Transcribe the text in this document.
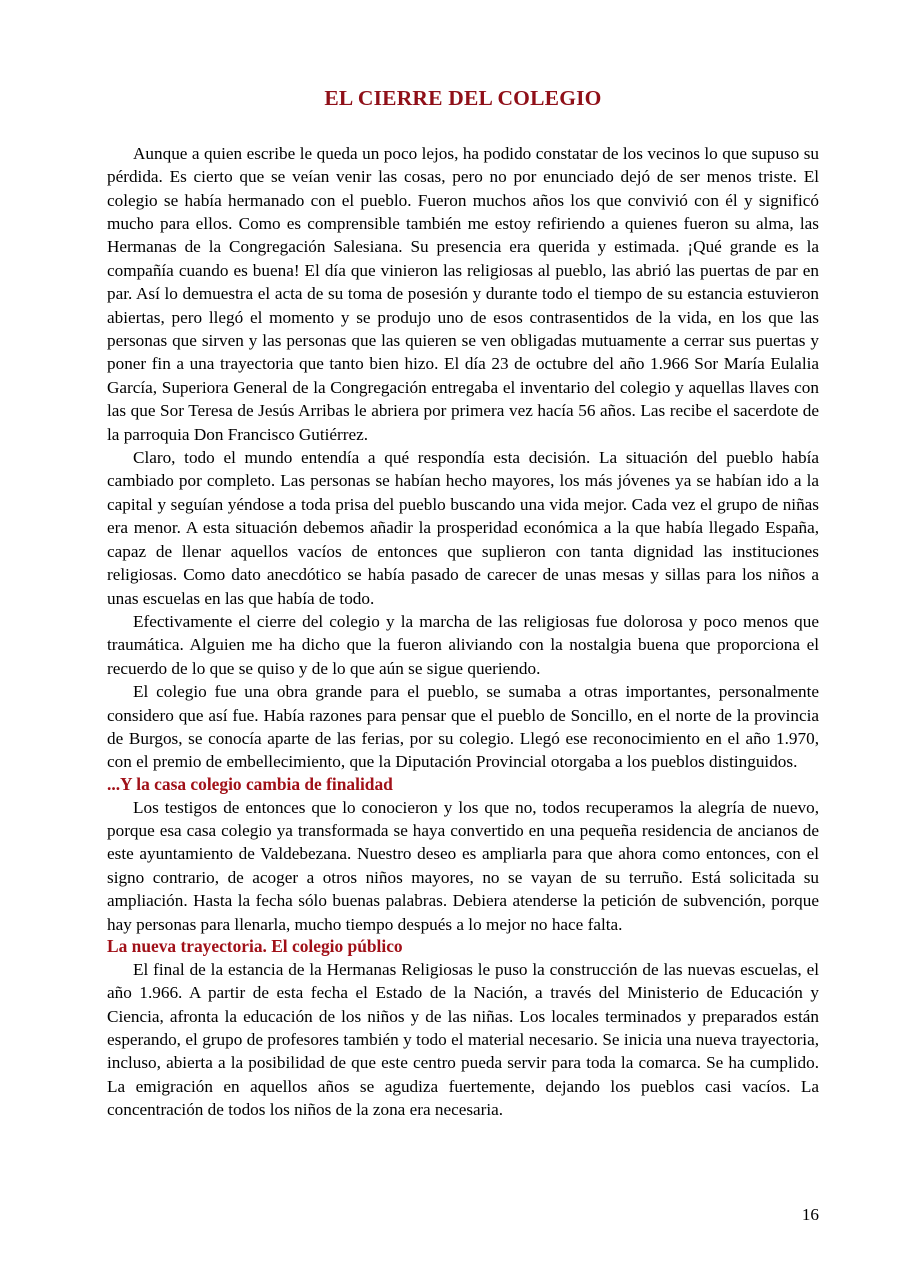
EL CIERRE DEL COLEGIO

Aunque a quien escribe le queda un poco lejos, ha podido constatar de los vecinos lo que supuso su pérdida. Es cierto que se veían venir las cosas, pero no por enunciado dejó de ser menos triste. El colegio se había hermanado con el pueblo. Fueron muchos años los que convivió con él y significó mucho para ellos. Como es comprensible también me estoy refiriendo a quienes fueron su alma, las Hermanas de la Congregación Salesiana. Su presencia era querida y estimada. ¡Qué grande es la compañía cuando es buena! El día que vinieron las religiosas al pueblo, las abrió las puertas de par en par. Así lo demuestra el acta de su toma de posesión y durante todo el tiempo de su estancia estuvieron abiertas, pero llegó el momento y se produjo uno de esos contrasentidos de la vida, en los que las personas que sirven y las personas que las quieren se ven obligadas mutuamente a cerrar sus puertas y poner fin a una trayectoria que tanto bien hizo. El día 23 de octubre del año 1.966 Sor María Eulalia García, Superiora General de la Congregación entregaba el inventario del colegio y aquellas llaves con las que Sor Teresa de Jesús Arribas le abriera por primera vez hacía 56 años. Las recibe el sacerdote de la parroquia Don Francisco Gutiérrez.

Claro, todo el mundo entendía a qué respondía esta decisión. La situación del pueblo había cambiado por completo. Las personas se habían hecho mayores, los más jóvenes ya se habían ido a la capital y seguían yéndose a toda prisa del pueblo buscando una vida mejor. Cada vez el grupo de niñas era menor. A esta situación debemos añadir la prosperidad económica a la que había llegado España, capaz de llenar aquellos vacíos de entonces que suplieron con tanta dignidad las instituciones religiosas. Como dato anecdótico se había pasado de carecer de unas mesas y sillas para los niños a unas escuelas en las que había de todo.

Efectivamente el cierre del colegio y la marcha de las religiosas fue dolorosa y poco menos que traumática. Alguien me ha dicho que la fueron aliviando con la nostalgia buena que proporciona el recuerdo de lo que se quiso y de lo que aún se sigue queriendo.

El colegio fue una obra grande para el pueblo, se sumaba a otras importantes, personalmente considero que así fue. Había razones para pensar que el pueblo de Soncillo, en el norte de la provincia de Burgos, se conocía aparte de las ferias, por su colegio. Llegó ese reconocimiento en el año 1.970, con el premio de embellecimiento, que la Diputación Provincial otorgaba a los pueblos distinguidos.

...Y la casa colegio cambia de finalidad

Los testigos de entonces que lo conocieron y los que no, todos recuperamos la alegría de nuevo, porque esa casa colegio ya transformada se haya convertido en una pequeña residencia de ancianos de este ayuntamiento de Valdebezana. Nuestro deseo es ampliarla para que ahora como entonces, con el signo contrario, de acoger a otros niños mayores, no se vayan de su terruño. Está solicitada su ampliación. Hasta la fecha sólo buenas palabras. Debiera atenderse la petición de subvención, porque hay personas para llenarla, mucho tiempo después a lo mejor no hace falta.

La nueva trayectoria. El colegio público

El final de la estancia de la Hermanas Religiosas le puso la construcción de las nuevas escuelas, el año 1.966. A partir de esta fecha el Estado de la Nación, a través del Ministerio de Educación y Ciencia, afronta la educación de los niños y de las niñas. Los locales terminados y preparados están esperando, el grupo de profesores también y todo el material necesario. Se inicia una nueva trayectoria, incluso, abierta a la posibilidad de que este centro pueda servir para toda la comarca. Se ha cumplido. La emigración en aquellos años se agudiza fuertemente, dejando los pueblos casi vacíos. La concentración de todos los niños de la zona era necesaria.

16
